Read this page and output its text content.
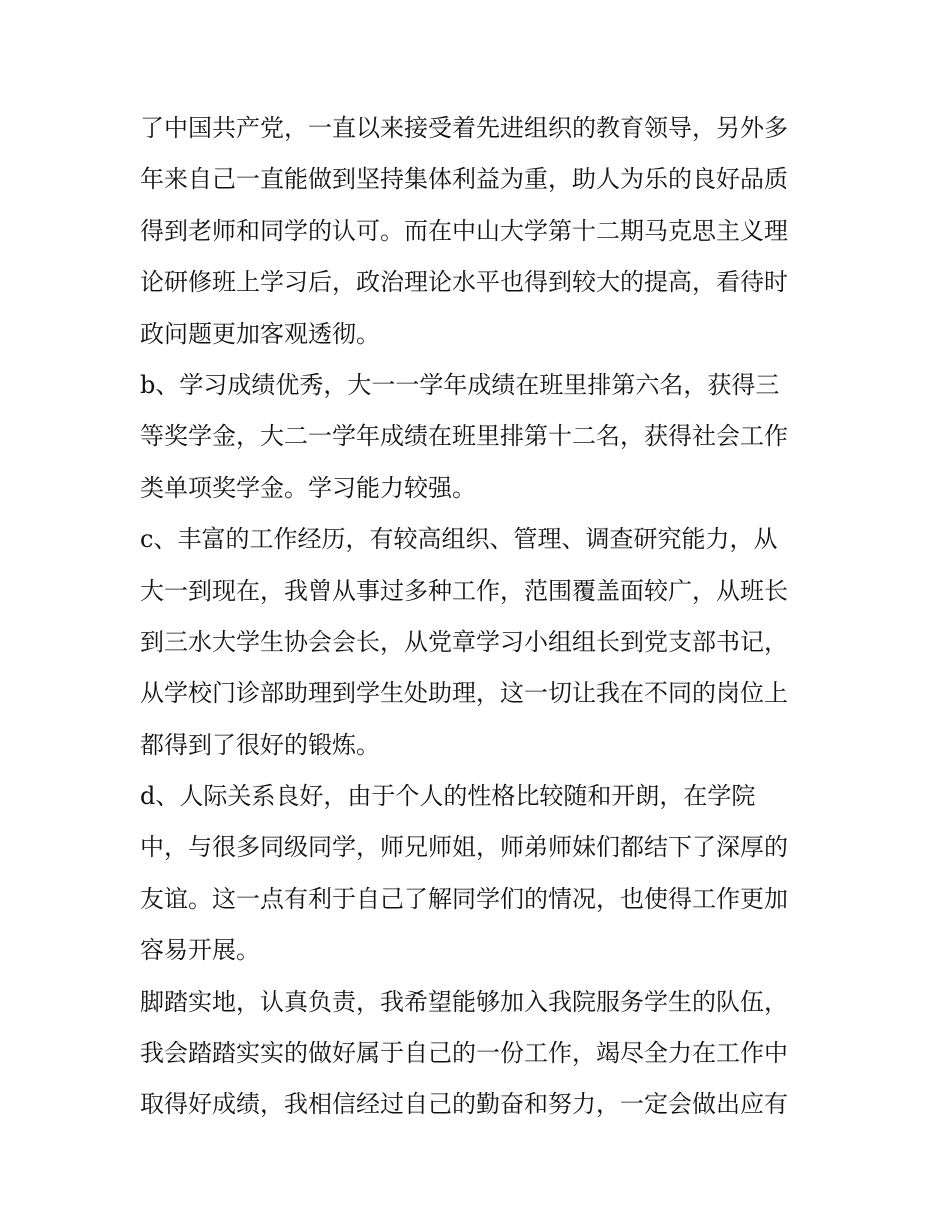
了中国共产党，一直以来接受着先进组织的教育领导，另外多
年来自己一直能做到坚持集体利益为重，助人为乐的良好品质
得到老师和同学的认可。而在中山大学第十二期马克思主义理
论研修班上学习后，政治理论水平也得到较大的提高，看待时
政问题更加客观透彻。

b、学习成绩优秀，大一一学年成绩在班里排第六名，获得三
等奖学金，大二一学年成绩在班里排第十二名，获得社会工作
类单项奖学金。学习能力较强。

c、丰富的工作经历，有较高组织、管理、调查研究能力，从
大一到现在，我曾从事过多种工作，范围覆盖面较广，从班长
到三水大学生协会会长，从党章学习小组组长到党支部书记，
从学校门诊部助理到学生处助理，这一切让我在不同的岗位上
都得到了很好的锻炼。

d、人际关系良好，由于个人的性格比较随和开朗，在学院
中，与很多同级同学，师兄师姐，师弟师妹们都结下了深厚的
友谊。这一点有利于自己了解同学们的情况，也使得工作更加
容易开展。

脚踏实地，认真负责，我希望能够加入我院服务学生的队伍，
我会踏踏实实的做好属于自己的一份工作，竭尽全力在工作中
取得好成绩，我相信经过自己的勤奋和努力，一定会做出应有
